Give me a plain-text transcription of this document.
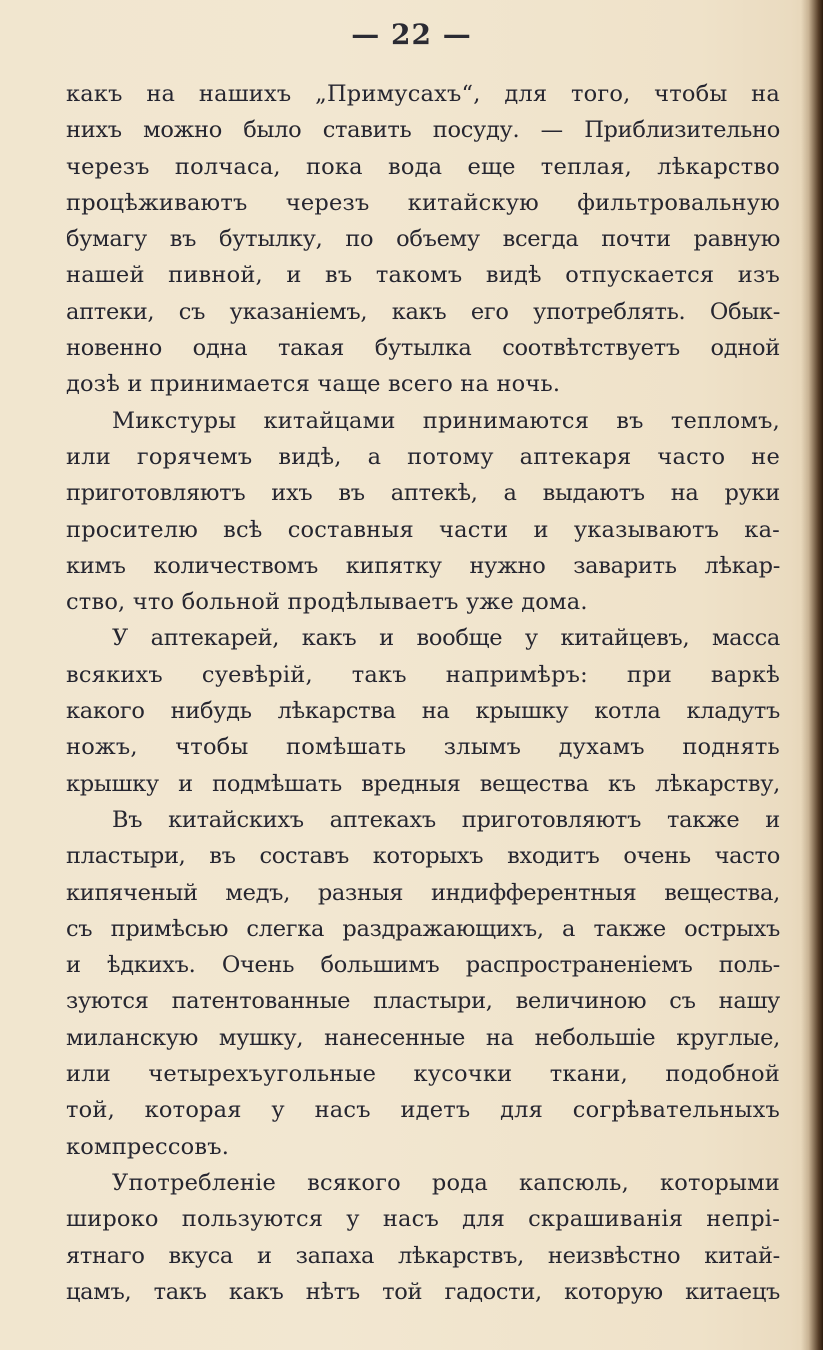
— 22 —
какъ на нашихъ „Примусахъ“, для того, чтобы на
нихъ можно было ставить посуду. — Приблизительно
черезъ полчаса, пока вода еще теплая, лѣкарство
процѣживаютъ черезъ китайскую фильтровальную
бумагу въ бутылку, по объему всегда почти равную
нашей пивной, и въ такомъ видѣ отпускается изъ
аптеки, съ указанiемъ, какъ его употреблять. Обык-
новенно одна такая бутылка соотвѣтствуетъ одной
дозѣ и принимается чаще всего на ночь.
Микстуры китайцами принимаются въ тепломъ,
или горячемъ видѣ, а потому аптекаря часто не
приготовляютъ ихъ въ аптекѣ, а выдаютъ на руки
просителю всѣ составныя части и указываютъ ка-
кимъ количествомъ кипятку нужно заварить лѣкар-
ство, что больной продѣлываетъ уже дома.
У аптекарей, какъ и вообще у китайцевъ, масса
всякихъ суевѣрiй, такъ напримѣръ: при варкѣ
какого нибудь лѣкарства на крышку котла кладутъ
ножъ, чтобы помѣшать злымъ духамъ поднять
крышку и подмѣшать вредныя вещества къ лѣкарству,
Въ китайскихъ аптекахъ приготовляютъ также и
пластыри, въ составъ которыхъ входитъ очень часто
кипяченый медъ, разныя индифферентныя вещества,
съ примѣсью слегка раздражающихъ, а также острыхъ
и ѣдкихъ. Очень большимъ распространенiемъ поль-
зуются патентованные пластыри, величиною съ нашу
миланскую мушку, нанесенные на небольшiе круглые,
или четырехъугольные кусочки ткани, подобной
той, которая у насъ идетъ для согрѣвательныхъ
компрессовъ.
Употребленiе всякого рода капсюль, которыми
широко пользуются у насъ для скрашиванiя непрi-
ятнаго вкуса и запаха лѣкарствъ, неизвѣстно китай-
цамъ, такъ какъ нѣтъ той гадости, которую китаецъ
